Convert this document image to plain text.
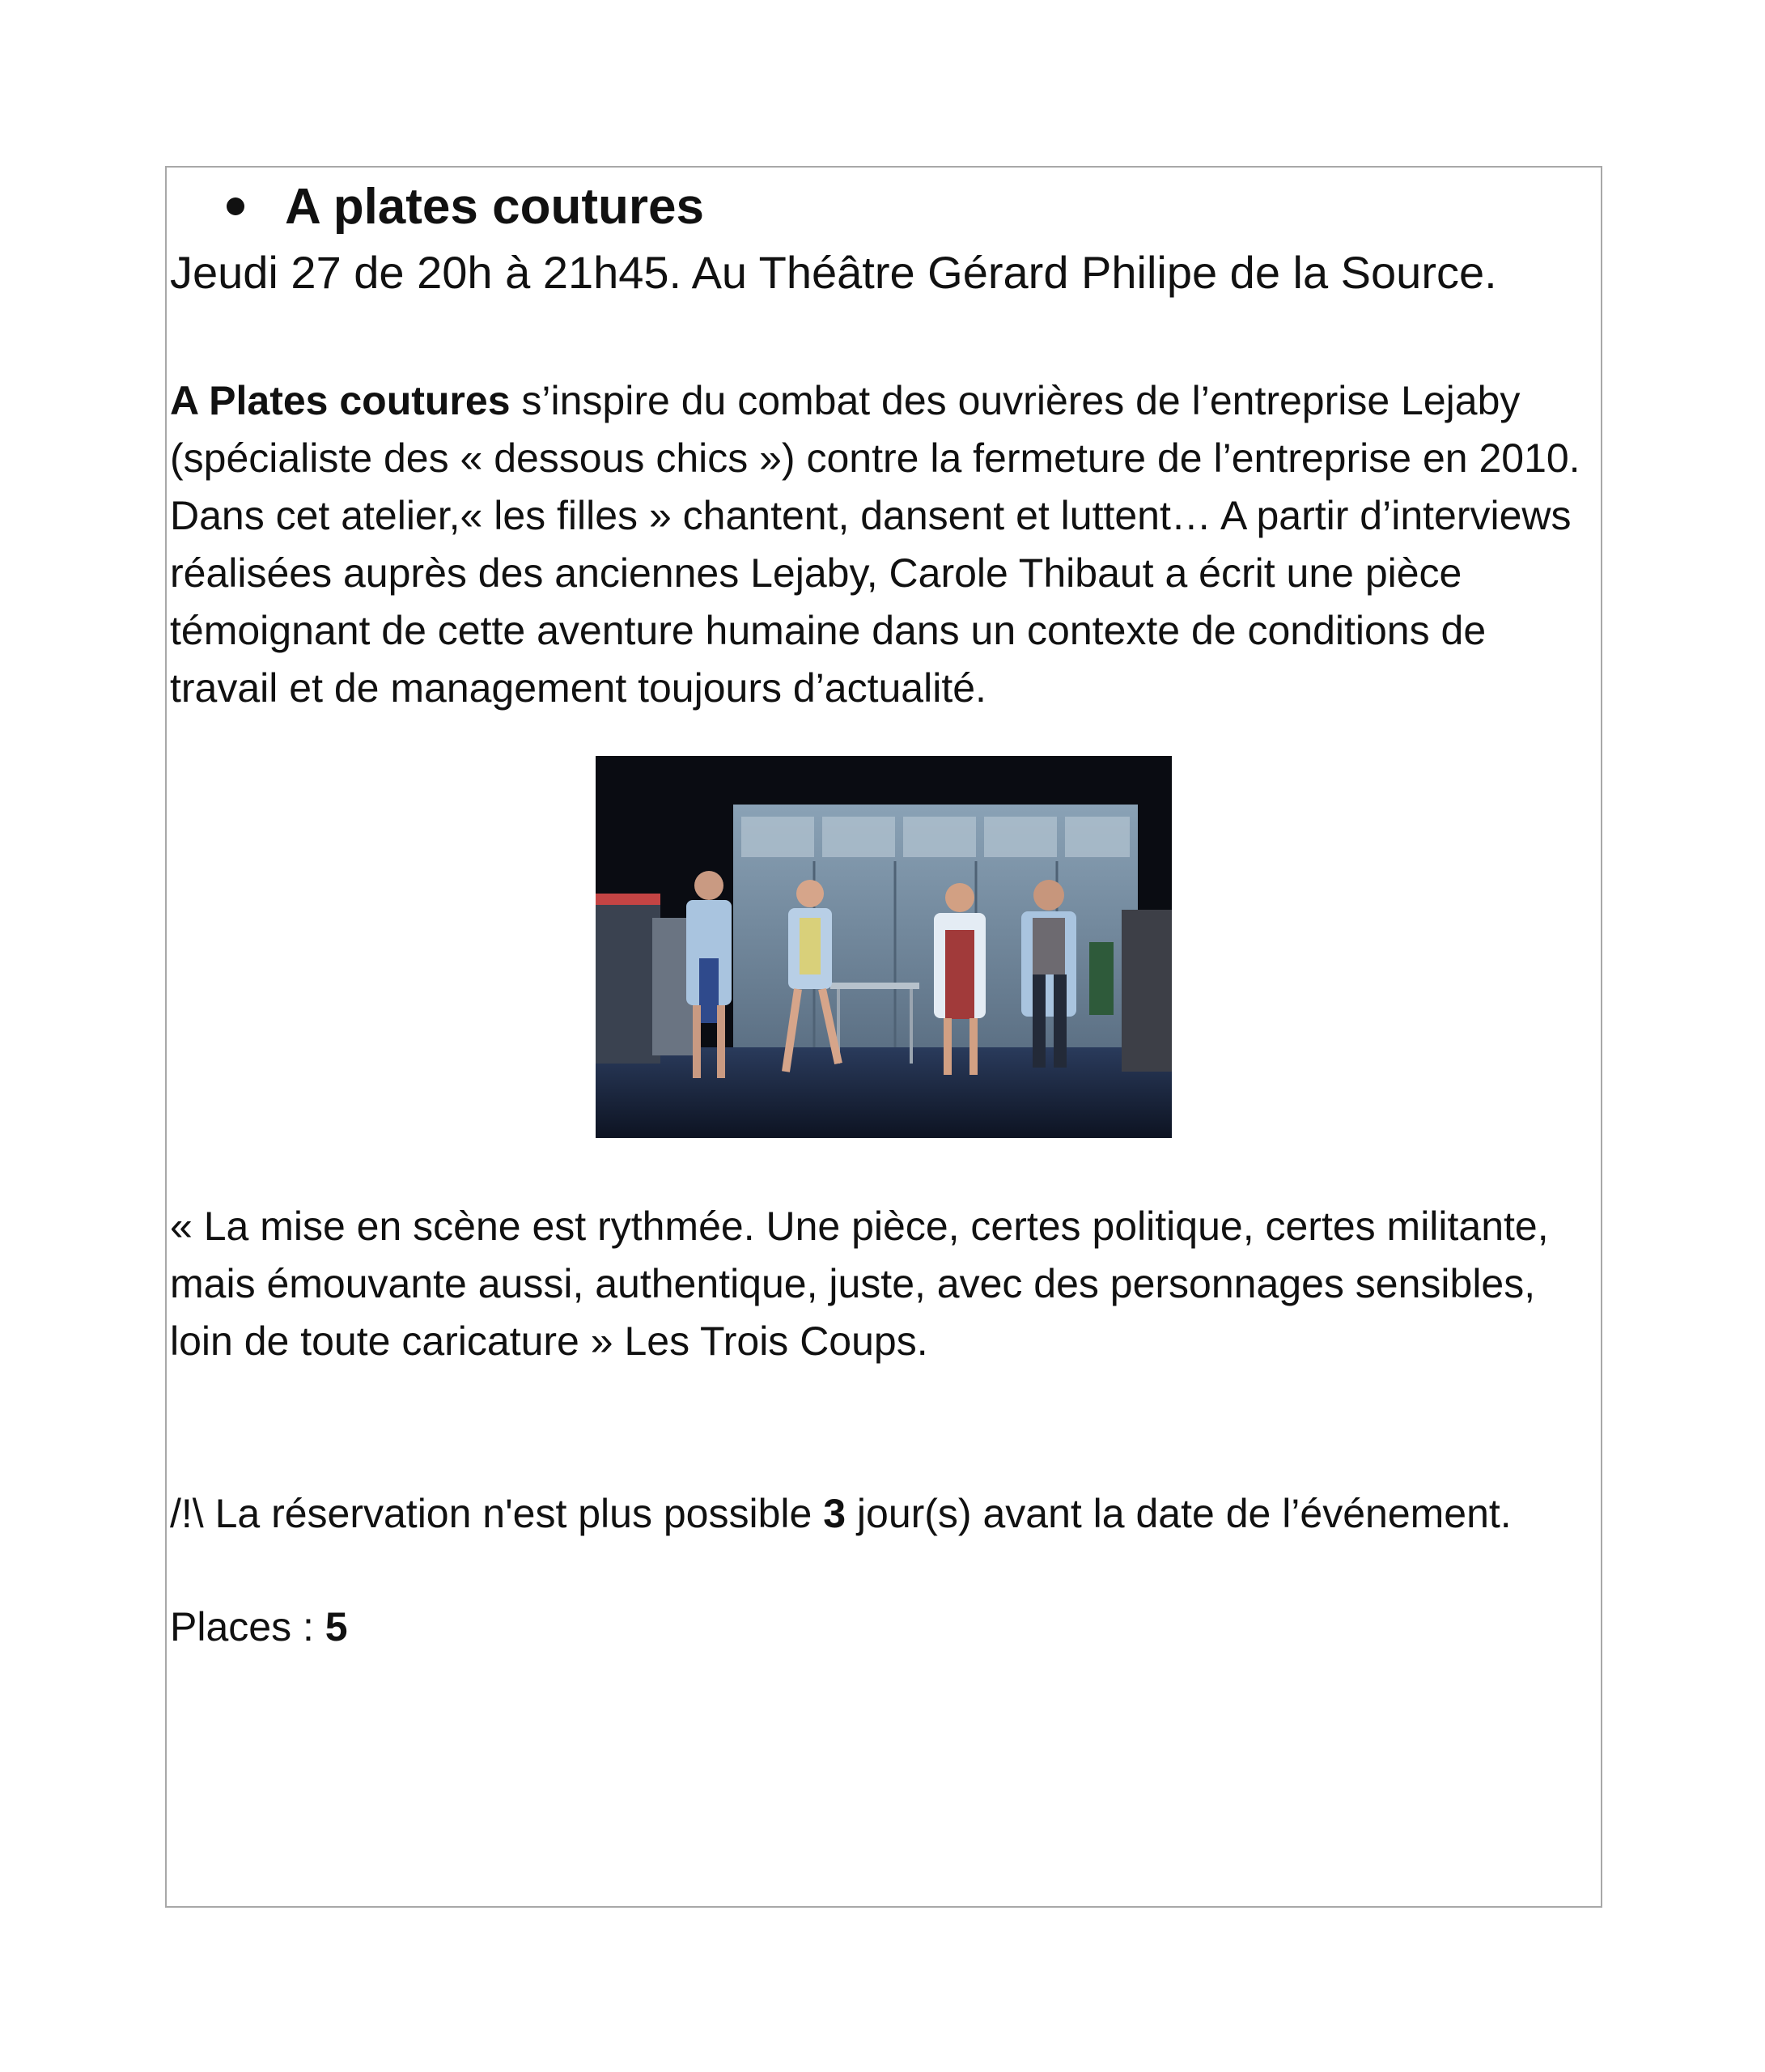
A plates coutures
Jeudi 27 de 20h à 21h45. Au Théâtre Gérard Philipe de la Source.
A Plates coutures s’inspire du combat des ouvrières de l’entreprise Lejaby (spécialiste des « dessous chics ») contre la fermeture de l’entreprise en 2010. Dans cet atelier,« les filles » chantent, dansent et luttent… A partir d’interviews réalisées auprès des anciennes Lejaby, Carole Thibaut a écrit une pièce témoignant de cette aventure humaine dans un contexte de conditions de travail et de management toujours d’actualité.
« La mise en scène est rythmée. Une pièce, certes politique, certes militante, mais émouvante aussi, authentique, juste, avec des personnages sensibles, loin de toute caricature » Les Trois Coups.
/!\ La réservation n'est plus possible 3 jour(s) avant la date de l’événement.
Places : 5
